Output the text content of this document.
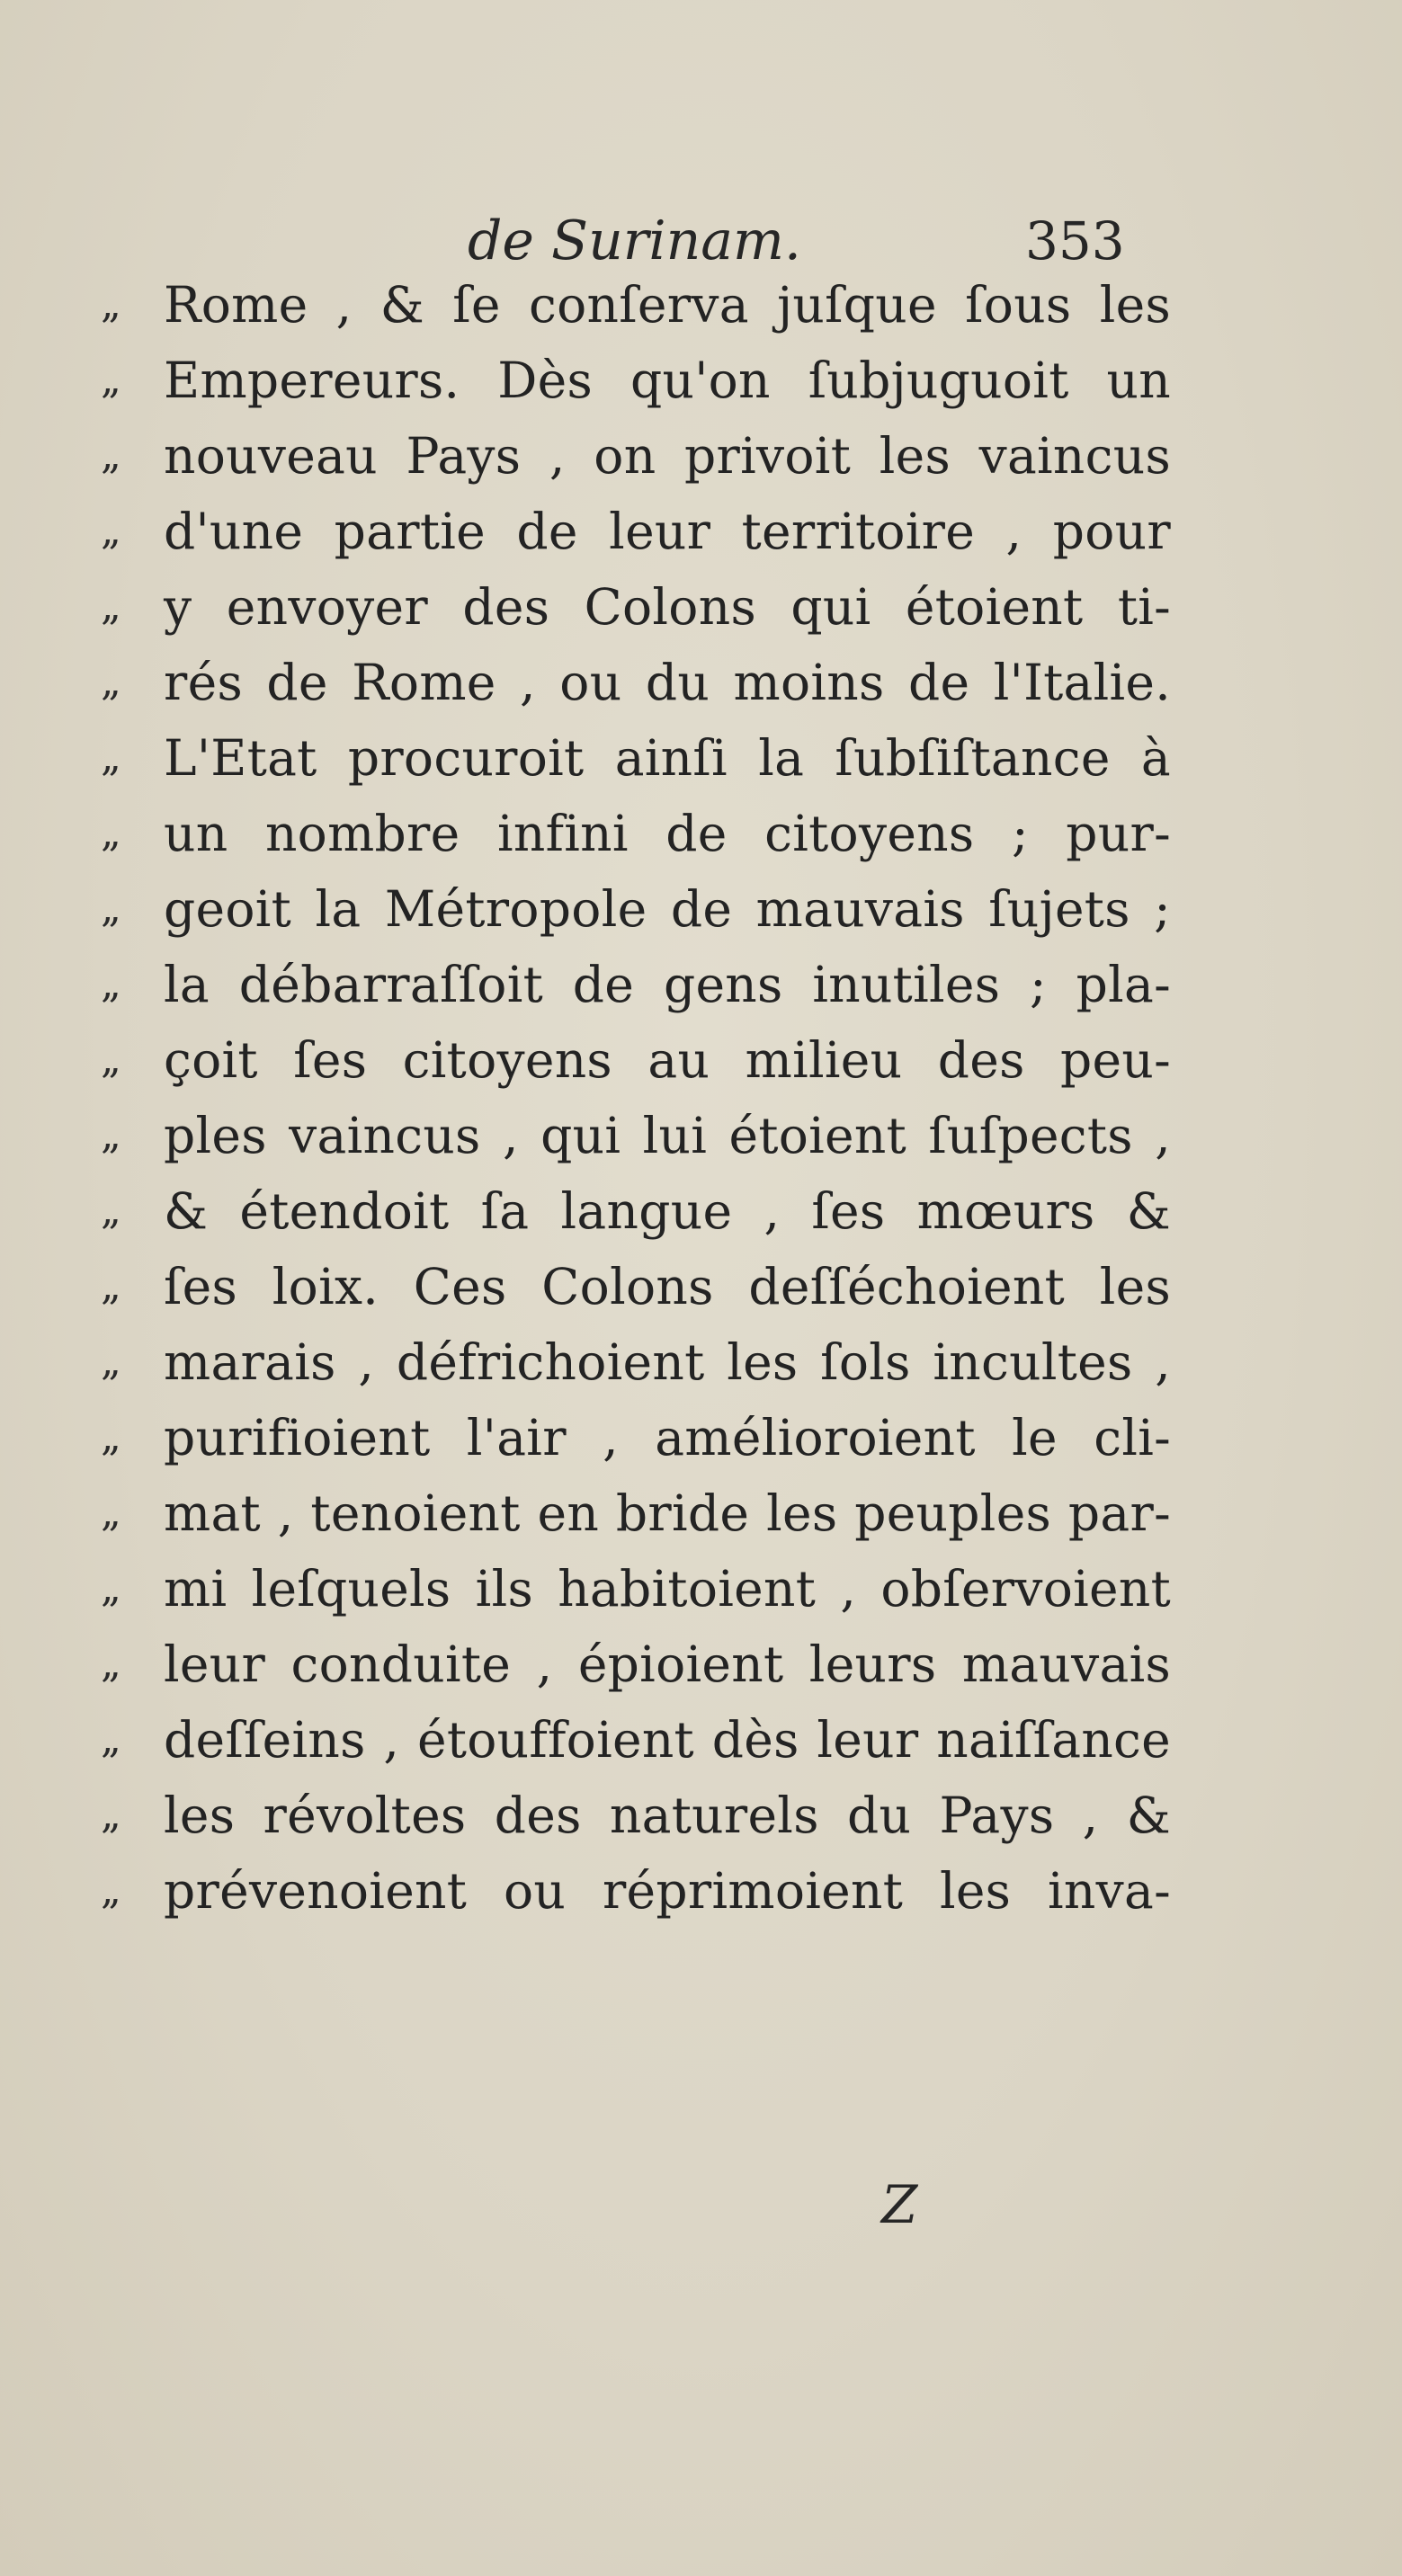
de Surinam.	353
„ Rome , & ſe conſerva juſque ſous les
„ Empereurs. Dès qu'on ſubjuguoit un
„ nouveau Pays , on privoit les vaincus
„ d'une partie de leur territoire , pour
„ y envoyer des Colons qui étoient ti-
„ rés de Rome , ou du moins de l'Italie.
„ L'Etat procuroit ainſi la ſubſiſtance à
„ un nombre infini de citoyens ; pur-
„ geoit la Métropole de mauvais ſujets ;
„ la débarraſſoit de gens inutiles ; pla-
„ çoit ſes citoyens au milieu des peu-
„ ples vaincus , qui lui étoient ſuſpects ,
„ & étendoit ſa langue , ſes mœurs &
„ ſes loix. Ces Colons deſſéchoient les
„ marais , défrichoient les ſols incultes ,
„ purifioient l'air , amélioroient le cli-
„ mat , tenoient en bride les peuples par-
„ mi leſquels ils habitoient , obſervoient
„ leur conduite , épioient leurs mauvais
„ deſſeins , étouffoient dès leur naiſſance
„ les révoltes des naturels du Pays , &
„ prévenoient ou réprimoient les inva-
Z
